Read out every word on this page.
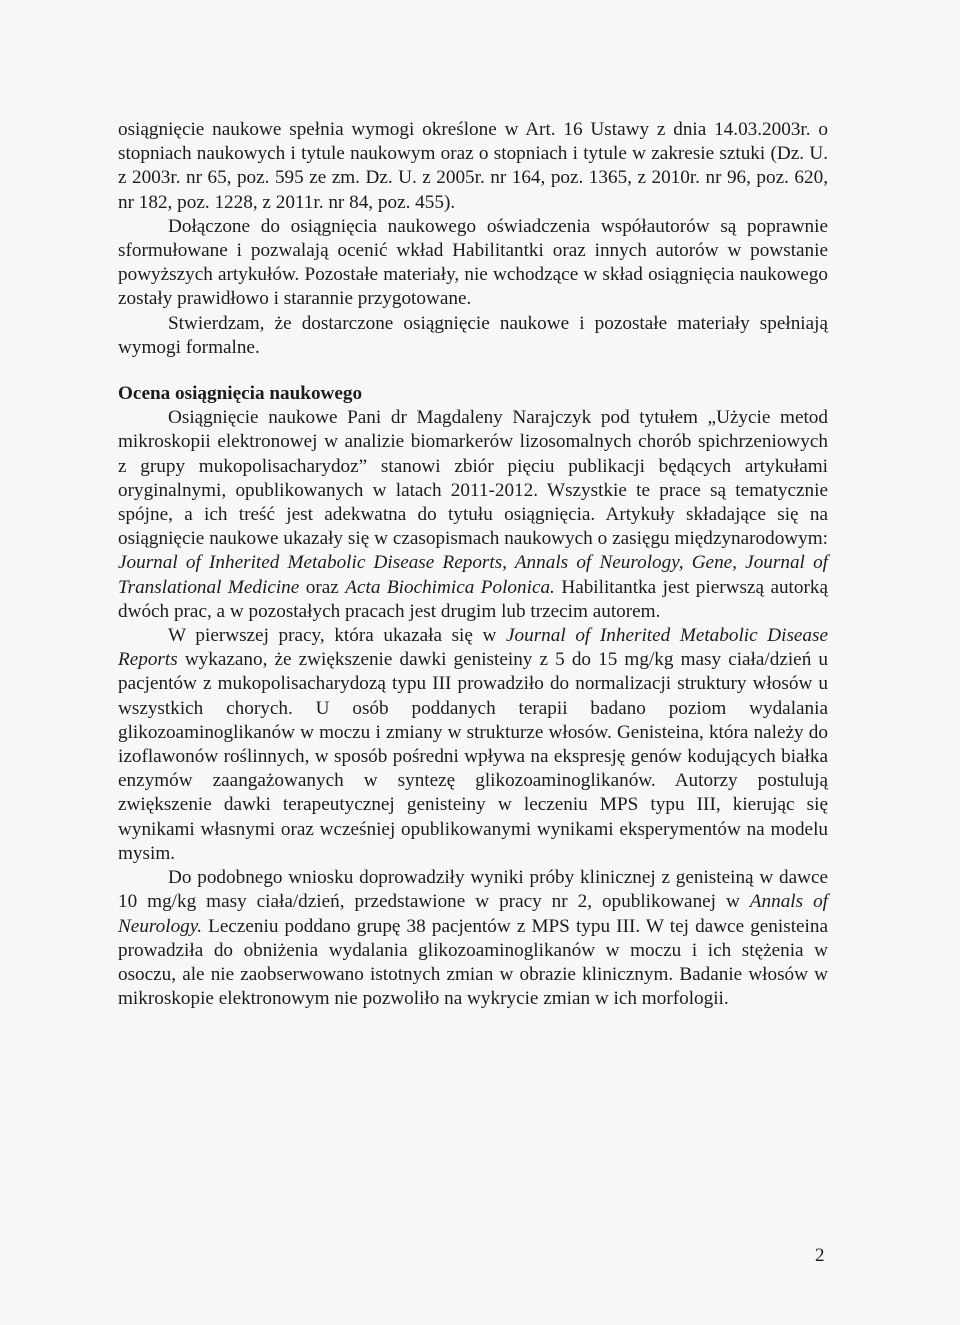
osiągnięcie naukowe spełnia wymogi określone w Art. 16 Ustawy z dnia 14.03.2003r. o stopniach naukowych i tytule naukowym oraz o stopniach i tytule w zakresie sztuki (Dz. U. z 2003r. nr 65, poz. 595 ze zm. Dz. U. z 2005r. nr 164, poz. 1365, z 2010r. nr 96, poz. 620, nr 182, poz. 1228, z 2011r. nr 84, poz. 455).

Dołączone do osiągnięcia naukowego oświadczenia współautorów są poprawnie sformułowane i pozwalają ocenić wkład Habilitantki oraz innych autorów w powstanie powyższych artykułów. Pozostałe materiały, nie wchodzące w skład osiągnięcia naukowego zostały prawidłowo i starannie przygotowane.

Stwierdzam, że dostarczone osiągnięcie naukowe i pozostałe materiały spełniają wymogi formalne.

Ocena osiągnięcia naukowego

Osiągnięcie naukowe Pani dr Magdaleny Narajczyk pod tytułem „Użycie metod mikroskopii elektronowej w analizie biomarkerów lizosomalnych chorób spichrzeniowych z grupy mukopolisacharydoz” stanowi zbiór pięciu publikacji będących artykułami oryginalnymi, opublikowanych w latach 2011-2012. Wszystkie te prace są tematycznie spójne, a ich treść jest adekwatna do tytułu osiągnięcia. Artykuły składające się na osiągnięcie naukowe ukazały się w czasopismach naukowych o zasięgu międzynarodowym: Journal of Inherited Metabolic Disease Reports, Annals of Neurology, Gene, Journal of Translational Medicine oraz Acta Biochimica Polonica. Habilitantka jest pierwszą autorką dwóch prac, a w pozostałych pracach jest drugim lub trzecim autorem.

W pierwszej pracy, która ukazała się w Journal of Inherited Metabolic Disease Reports wykazano, że zwiększenie dawki genisteiny z 5 do 15 mg/kg masy ciała/dzień u pacjentów z mukopolisacharydozą typu III prowadziło do normalizacji struktury włosów u wszystkich chorych. U osób poddanych terapii badano poziom wydalania glikozoaminoglikanów w moczu i zmiany w strukturze włosów. Genisteina, która należy do izoflawonów roślinnych, w sposób pośredni wpływa na ekspresję genów kodujących białka enzymów zaangażowanych w syntezę glikozoaminoglikanów. Autorzy postulują zwiększenie dawki terapeutycznej genisteiny w leczeniu MPS typu III, kierując się wynikami własnymi oraz wcześniej opublikowanymi wynikami eksperymentów na modelu mysim.

Do podobnego wniosku doprowadziły wyniki próby klinicznej z genisteiną w dawce 10 mg/kg masy ciała/dzień, przedstawione w pracy nr 2, opublikowanej w Annals of Neurology. Leczeniu poddano grupę 38 pacjentów z MPS typu III. W tej dawce genisteina prowadziła do obniżenia wydalania glikozoaminoglikanów w moczu i ich stężenia w osoczu, ale nie zaobserwowano istotnych zmian w obrazie klinicznym. Badanie włosów w mikroskopie elektronowym nie pozwoliło na wykrycie zmian w ich morfologii.

2
